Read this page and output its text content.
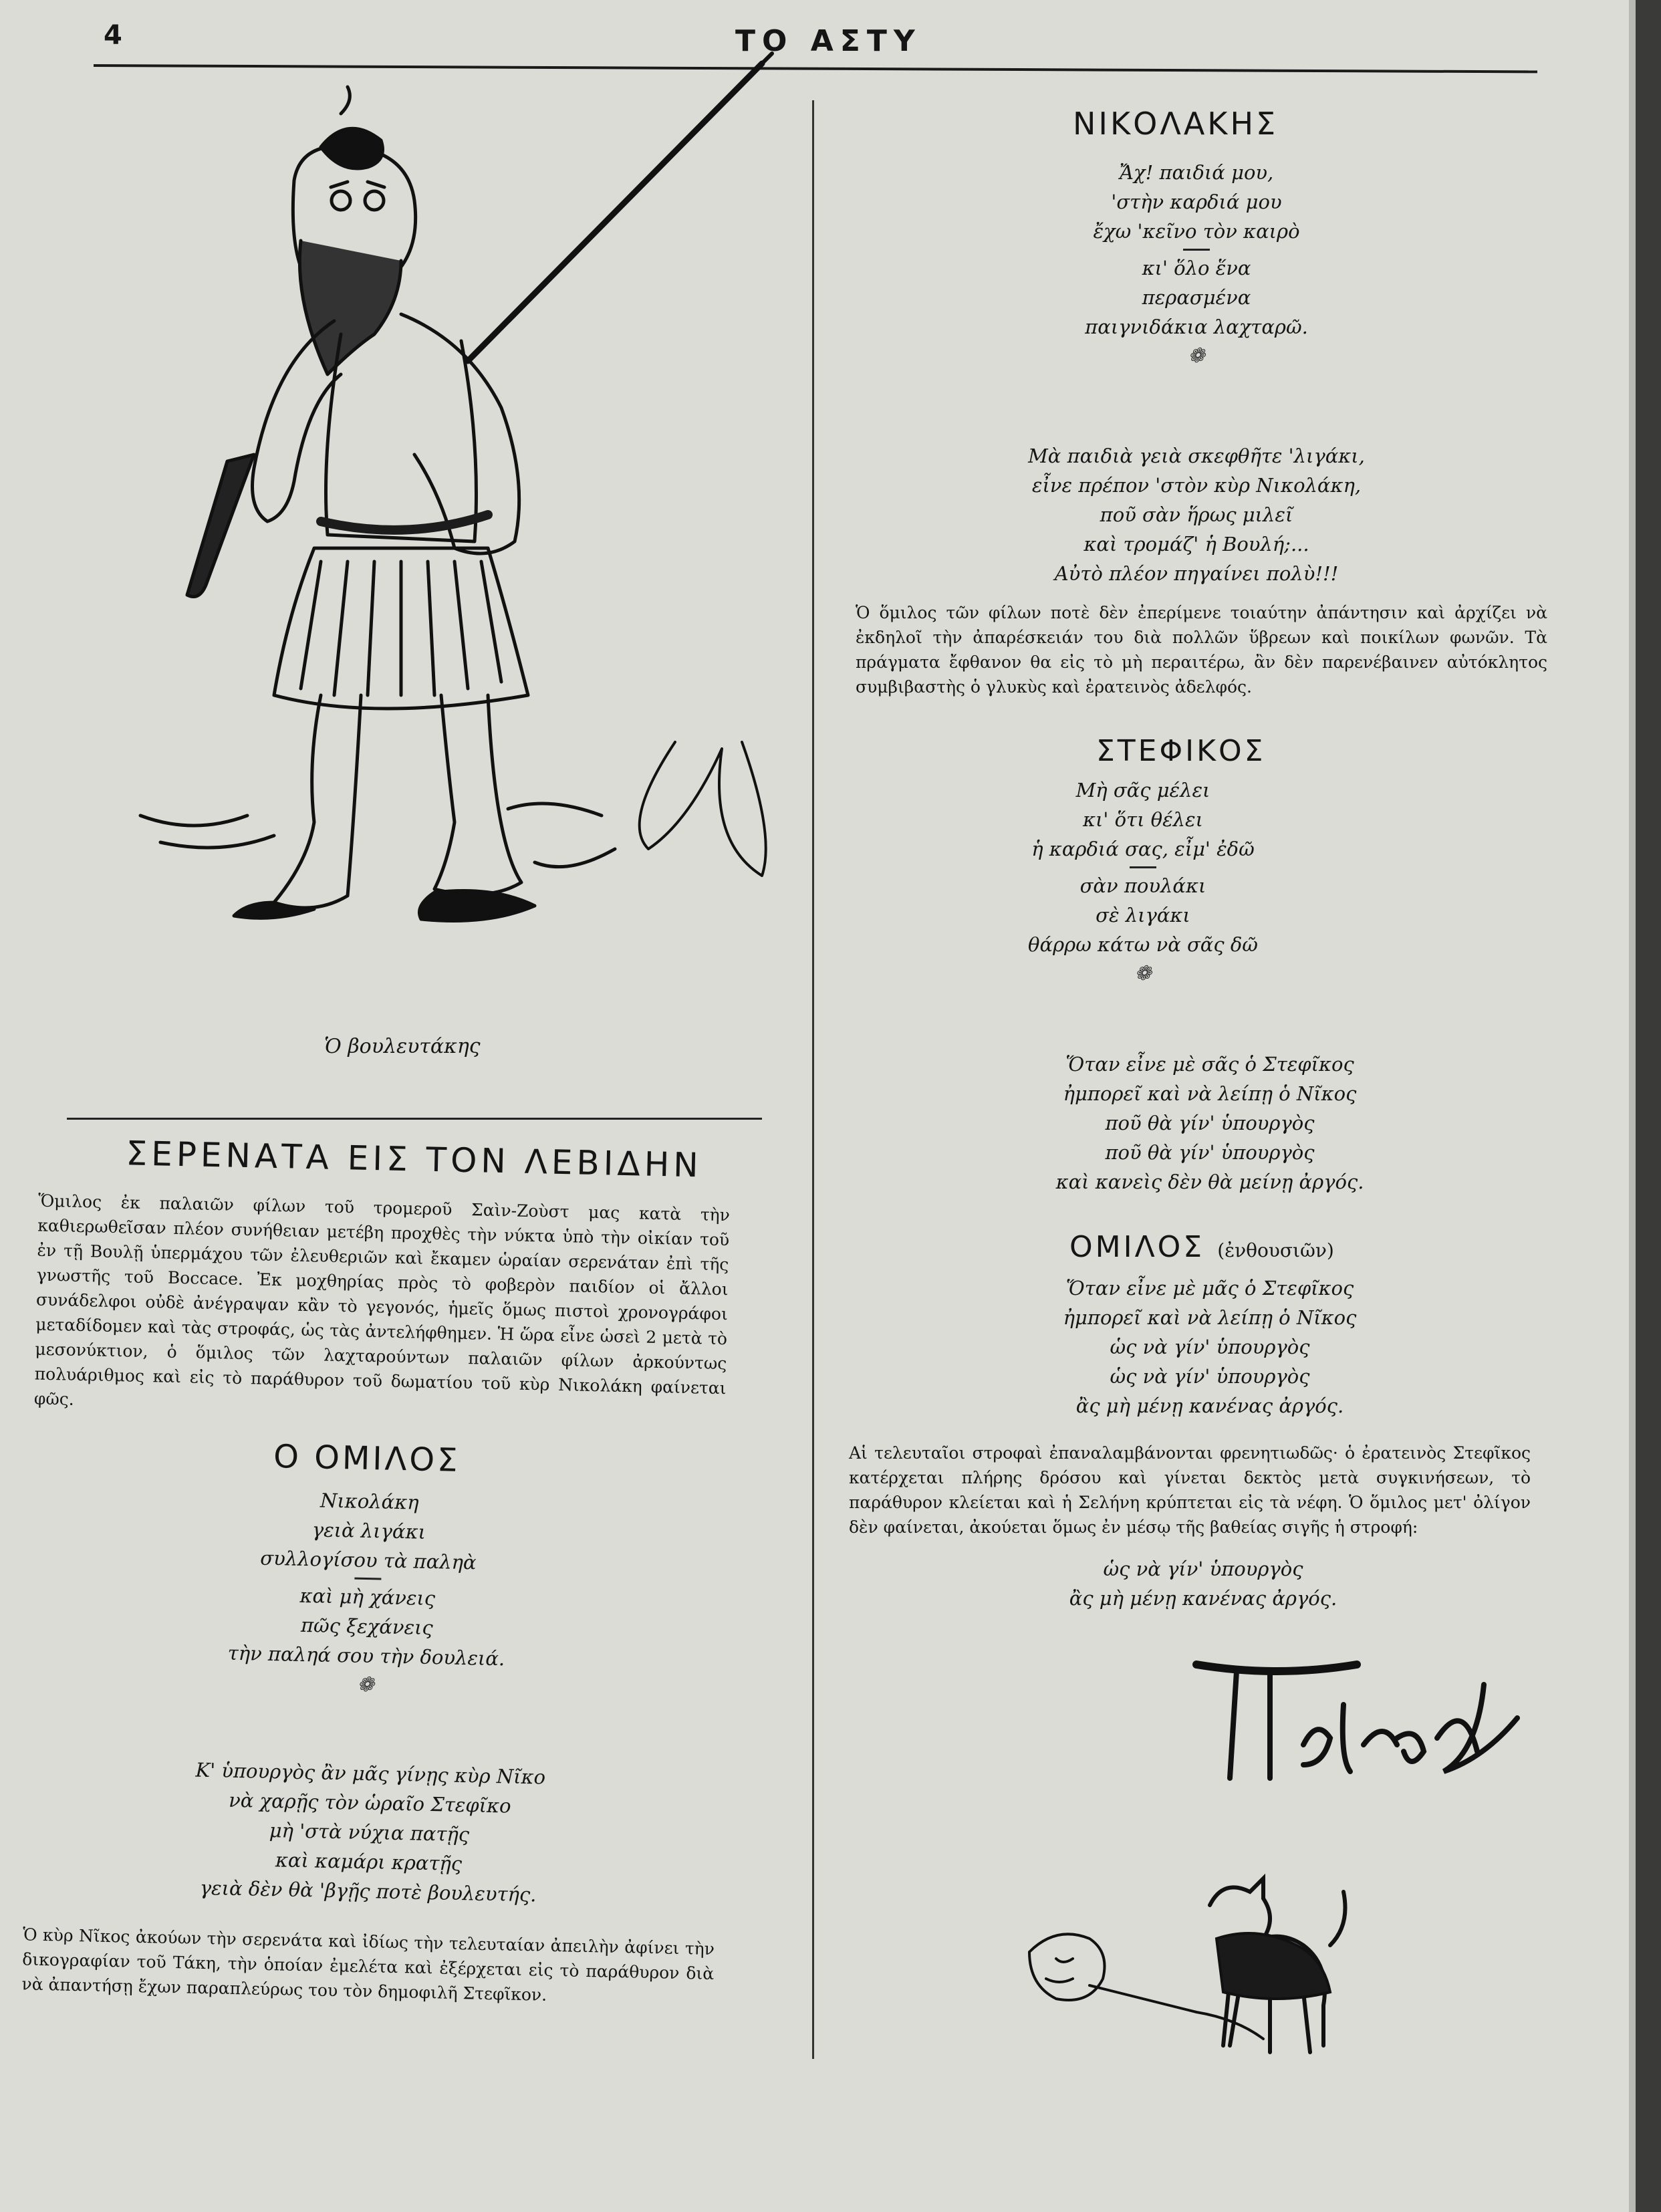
4	ΤΟ ΑΣΤΥ
Ὁ βουλευτάκης
ΣΕΡΕΝΑΤΑ ΕΙΣ ΤΟΝ ΛΕΒΙΔΗΝ

Ὅμιλος ἐκ παλαιῶν φίλων τοῦ τρομεροῦ Σαὶν-Ζοὺστ μας κατὰ τὴν καθιερωθεῖσαν πλέον συνήθειαν μετέβη προχθὲς τὴν νύκτα ὑπὸ τὴν οἰκίαν τοῦ ἐν τῇ Βουλῇ ὑπερμάχου τῶν ἐλευθεριῶν καὶ ἔκαμεν ὡραίαν σερενάταν ἐπὶ τῆς γνωστῆς τοῦ Boccace. Ἐκ μοχθηρίας πρὸς τὸ φοβερὸν παιδίον οἱ ἄλλοι συνάδελφοι οὐδὲ ἀνέγραψαν κἂν τὸ γεγονός, ἡμεῖς ὅμως πιστοὶ χρονογράφοι μεταδίδομεν καὶ τὰς στροφάς, ὡς τὰς ἀντελήφθημεν. Ἡ ὥρα εἶνε ὡσεὶ 2 μετὰ τὸ μεσονύκτιον, ὁ ὅμιλος τῶν λαχταρούντων παλαιῶν φίλων ἀρκούντως πολυάριθμος καὶ εἰς τὸ παράθυρον τοῦ δωματίου τοῦ κὺρ Νικολάκη φαίνεται φῶς.

Ο ΟΜΙΛΟΣ
Νικολάκη
γειὰ λιγάκι
συλλογίσου τὰ παληὰ
καὶ μὴ χάνεις
πῶς ξεχάνεις
τὴν παληά σου τὴν δουλειά.
❁
Κ' ὑπουργὸς ἂν μᾶς γίνῃς κὺρ Νῖκο
νὰ χαρῇς τὸν ὡραῖο Στεφῖκο
μὴ 'στὰ νύχια πατῇς
καὶ καμάρι κρατῇς
γειὰ δὲν θὰ 'βγῇς ποτὲ βουλευτής.

Ὁ κὺρ Νῖκος ἀκούων τὴν σερενάτα καὶ ἰδίως τὴν τελευταίαν ἀπειλὴν ἀφίνει τὴν δικογραφίαν τοῦ Τάκη, τὴν ὁποίαν ἐμελέτα καὶ ἐξέρχεται εἰς τὸ παράθυρον διὰ νὰ ἀπαντήσῃ ἔχων παραπλεύρως του τὸν δημοφιλῆ Στεφῖκον.

ΝΙΚΟΛΑΚΗΣ
Ἄχ! παιδιά μου,
'στὴν καρδιά μου
ἔχω 'κεῖνο τὸν καιρὸ
κι' ὅλο ἕνα
περασμένα
παιγνιδάκια λαχταρῶ.
❁
Μὰ παιδιὰ γειὰ σκεφθῆτε 'λιγάκι,
εἶνε πρέπον 'στὸν κὺρ Νικολάκη,
ποῦ σὰν ἥρως μιλεῖ
καὶ τρομάζ' ἡ Βουλή;...
Αὐτὸ πλέον πηγαίνει πολὺ!!!

Ὁ ὅμιλος τῶν φίλων ποτὲ δὲν ἐπερίμενε τοιαύτην ἀπάντησιν καὶ ἀρχίζει νὰ ἐκδηλοῖ τὴν ἀπαρέσκειάν του διὰ πολλῶν ὕβρεων καὶ ποικίλων φωνῶν. Τὰ πράγματα ἔφθανον θα εἰς τὸ μὴ περαιτέρω, ἂν δὲν παρενέβαινεν αὐτόκλητος συμβιβαστὴς ὁ γλυκὺς καὶ ἐρατεινὸς ἀδελφός.

ΣΤΕΦΙΚΟΣ
Μὴ σᾶς μέλει
κι' ὅτι θέλει
ἡ καρδιά σας, εἶμ' ἐδῶ
σὰν πουλάκι
σὲ λιγάκι
θάρρω κάτω νὰ σᾶς δῶ
❁
Ὅταν εἶνε μὲ σᾶς ὁ Στεφῖκος
ἠμπορεῖ καὶ νὰ λείπῃ ὁ Νῖκος
ποῦ θὰ γίν' ὑπουργὸς
ποῦ θὰ γίν' ὑπουργὸς
καὶ κανεὶς δὲν θὰ μείνῃ ἀργός.
ΟΜΙΛΟΣ (ἐνθουσιῶν)
Ὅταν εἶνε μὲ μᾶς ὁ Στεφῖκος
ἠμπορεῖ καὶ νὰ λείπῃ ὁ Νῖκος
ὡς νὰ γίν' ὑπουργὸς
ὡς νὰ γίν' ὑπουργὸς
ἂς μὴ μένῃ κανένας ἀργός.

Αἱ τελευταῖοι στροφαὶ ἐπαναλαμβάνονται φρενητιωδῶς· ὁ ἐρατεινὸς Στεφῖκος κατέρχεται πλήρης δρόσου καὶ γίνεται δεκτὸς μετὰ συγκινήσεων, τὸ παράθυρον κλείεται καὶ ἡ Σελήνη κρύπτεται εἰς τὰ νέφη. Ὁ ὅμιλος μετ' ὀλίγον δὲν φαίνεται, ἀκούεται ὅμως ἐν μέσῳ τῆς βαθείας σιγῆς ἡ στροφή:

ὡς νὰ γίν' ὑπουργὸς
ἂς μὴ μένῃ κανένας ἀργός.
